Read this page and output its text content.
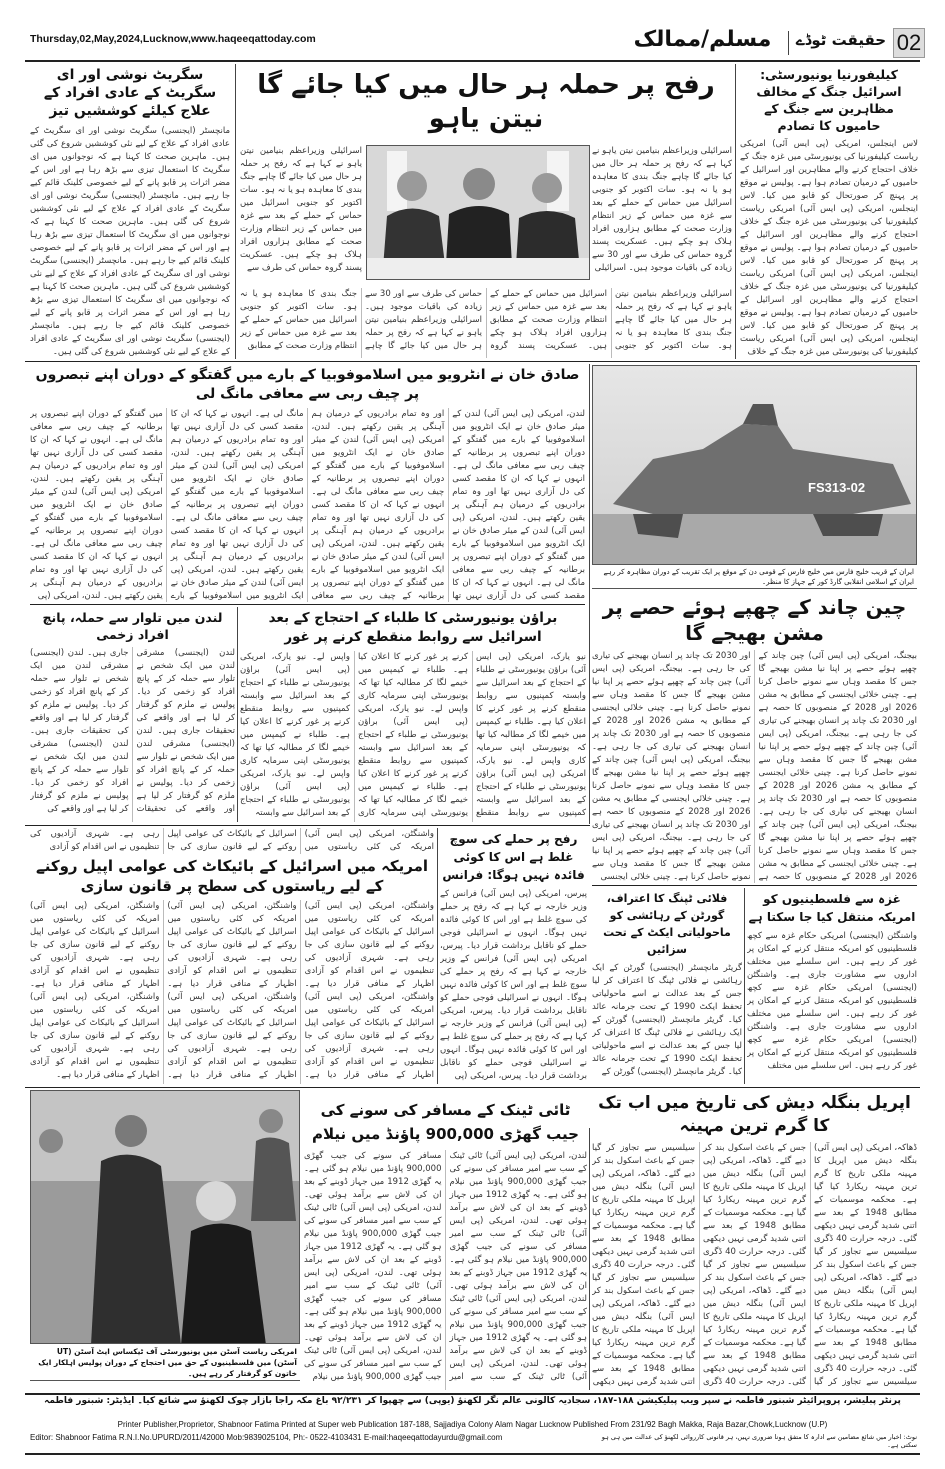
02
حقیقت ٹوڈے
مسلم/ممالک
Thursday,02,May,2024,Lucknow,www.haqeeqattoday.com
سگریٹ نوشی اور ای سگریٹ کے عادی افراد کے علاج کیلئے کوششیں تیز
مانچسٹر (ایجنسی) سگریٹ نوشی اور ای سگریٹ کے عادی افراد کے علاج کے لیے نئی کوششیں شروع کی گئی ہیں۔ ماہرین صحت کا کہنا ہے کہ نوجوانوں میں ای سگریٹ کا استعمال تیزی سے بڑھ رہا ہے اور اس کے مضر اثرات پر قابو پانے کے لیے خصوصی کلینک قائم کیے جا رہے ہیں۔ مانچسٹر (ایجنسی) سگریٹ نوشی اور ای سگریٹ کے عادی افراد کے علاج کے لیے نئی کوششیں شروع کی گئی ہیں۔ ماہرین صحت کا کہنا ہے کہ نوجوانوں میں ای سگریٹ کا استعمال تیزی سے بڑھ رہا ہے اور اس کے مضر اثرات پر قابو پانے کے لیے خصوصی کلینک قائم کیے جا رہے ہیں۔ مانچسٹر (ایجنسی) سگریٹ نوشی اور ای سگریٹ کے عادی افراد کے علاج کے لیے نئی کوششیں شروع کی گئی ہیں۔ ماہرین صحت کا کہنا ہے کہ نوجوانوں میں ای سگریٹ کا استعمال تیزی سے بڑھ رہا ہے اور اس کے مضر اثرات پر قابو پانے کے لیے خصوصی کلینک قائم کیے جا رہے ہیں۔ مانچسٹر (ایجنسی) سگریٹ نوشی اور ای سگریٹ کے عادی افراد کے علاج کے لیے نئی کوششیں شروع کی گئی ہیں۔
رفح پر حملہ ہر حال میں کیا جائے گا نیتن یاہو
اسرائیلی وزیراعظم بنیامین نیتن یاہو نے کہا ہے کہ رفح پر حملہ ہر حال میں کیا جائے گا چاہے جنگ بندی کا معاہدہ ہو یا نہ ہو۔ سات اکتوبر کو جنوبی اسرائیل میں حماس کے حملے کے بعد سے غزہ میں حماس کے زیر انتظام وزارت صحت کے مطابق ہزاروں افراد ہلاک ہو چکے ہیں۔ عسکریت پسند گروہ حماس کی طرف سے
اسرائیلی وزیراعظم بنیامین نیتن یاہو نے کہا ہے کہ رفح پر حملہ ہر حال میں کیا جائے گا چاہے جنگ بندی کا معاہدہ ہو یا نہ ہو۔ سات اکتوبر کو جنوبی اسرائیل میں حماس کے حملے کے بعد سے غزہ میں حماس کے زیر انتظام وزارت صحت کے مطابق ہزاروں افراد ہلاک ہو چکے ہیں۔ عسکریت پسند گروہ حماس کی طرف سے اور 30 سے زیادہ کی باقیات موجود ہیں۔ اسرائیلی
اسرائیلی وزیراعظم بنیامین نیتن یاہو نے کہا ہے کہ رفح پر حملہ ہر حال میں کیا جائے گا چاہے جنگ بندی کا معاہدہ ہو یا نہ ہو۔ سات اکتوبر کو جنوبی اسرائیل میں حماس کے حملے کے بعد سے غزہ میں حماس کے زیر انتظام وزارت صحت کے مطابق ہزاروں افراد ہلاک ہو چکے ہیں۔ عسکریت پسند گروہ حماس کی طرف سے اور 30 سے زیادہ کی باقیات موجود ہیں۔ اسرائیلی وزیراعظم بنیامین نیتن یاہو نے کہا ہے کہ رفح پر حملہ ہر حال میں کیا جائے گا چاہے جنگ بندی کا معاہدہ ہو یا نہ ہو۔ سات اکتوبر کو جنوبی اسرائیل میں حماس کے حملے کے بعد سے غزہ میں حماس کے زیر انتظام وزارت صحت کے مطابق
کیلیفورنیا یونیورسٹی: اسرائیل جنگ کے مخالف مظاہرین سے جنگ کے حامیوں کا تصادم
لاس اینجلس، امریکی (پی ایس آئی) امریکی ریاست کیلیفورنیا کی یونیورسٹی میں غزہ جنگ کے خلاف احتجاج کرنے والے مظاہرین اور اسرائیل کے حامیوں کے درمیان تصادم ہوا ہے۔ پولیس نے موقع پر پہنچ کر صورتحال کو قابو میں کیا۔ لاس اینجلس، امریکی (پی ایس آئی) امریکی ریاست کیلیفورنیا کی یونیورسٹی میں غزہ جنگ کے خلاف احتجاج کرنے والے مظاہرین اور اسرائیل کے حامیوں کے درمیان تصادم ہوا ہے۔ پولیس نے موقع پر پہنچ کر صورتحال کو قابو میں کیا۔ لاس اینجلس، امریکی (پی ایس آئی) امریکی ریاست کیلیفورنیا کی یونیورسٹی میں غزہ جنگ کے خلاف احتجاج کرنے والے مظاہرین اور اسرائیل کے حامیوں کے درمیان تصادم ہوا ہے۔ پولیس نے موقع پر پہنچ کر صورتحال کو قابو میں کیا۔ لاس اینجلس، امریکی (پی ایس آئی) امریکی ریاست کیلیفورنیا کی یونیورسٹی میں غزہ جنگ کے خلاف
صادق خان نے انٹرویو میں اسلاموفوبیا کے بارے میں گفتگو کے دوران اپنے تبصروں پر چیف ربی سے معافی مانگ لی
لندن، امریکی (پی ایس آئی) لندن کے میئر صادق خان نے ایک انٹرویو میں اسلاموفوبیا کے بارے میں گفتگو کے دوران اپنے تبصروں پر برطانیہ کے چیف ربی سے معافی مانگ لی ہے۔ انہوں نے کہا کہ ان کا مقصد کسی کی دل آزاری نہیں تھا اور وہ تمام برادریوں کے درمیان ہم آہنگی پر یقین رکھتے ہیں۔ لندن، امریکی (پی ایس آئی) لندن کے میئر صادق خان نے ایک انٹرویو میں اسلاموفوبیا کے بارے میں گفتگو کے دوران اپنے تبصروں پر برطانیہ کے چیف ربی سے معافی مانگ لی ہے۔ انہوں نے کہا کہ ان کا مقصد کسی کی دل آزاری نہیں تھا اور وہ تمام برادریوں کے درمیان ہم آہنگی پر یقین رکھتے ہیں۔ لندن، امریکی (پی ایس آئی) لندن کے میئر صادق خان نے ایک انٹرویو میں اسلاموفوبیا کے بارے میں گفتگو کے دوران اپنے تبصروں پر برطانیہ کے چیف ربی سے معافی مانگ لی ہے۔ انہوں نے کہا کہ ان کا مقصد کسی کی دل آزاری نہیں تھا اور وہ تمام برادریوں کے درمیان ہم آہنگی پر یقین رکھتے ہیں۔ لندن، امریکی (پی ایس آئی) لندن کے میئر صادق خان نے ایک انٹرویو میں اسلاموفوبیا کے بارے میں گفتگو کے دوران اپنے تبصروں پر برطانیہ کے چیف ربی سے معافی مانگ لی ہے۔ انہوں نے کہا کہ ان کا مقصد کسی کی دل آزاری نہیں تھا اور وہ تمام برادریوں کے درمیان ہم آہنگی پر یقین رکھتے ہیں۔ لندن، امریکی (پی ایس آئی) لندن کے میئر صادق خان نے ایک انٹرویو میں اسلاموفوبیا کے بارے میں گفتگو کے دوران اپنے تبصروں پر برطانیہ کے چیف ربی سے معافی مانگ لی ہے۔ انہوں نے کہا کہ ان کا مقصد کسی کی دل آزاری نہیں تھا اور وہ تمام برادریوں کے درمیان ہم آہنگی پر یقین رکھتے ہیں۔ لندن، امریکی (پی ایس آئی) لندن کے میئر صادق خان نے ایک انٹرویو میں اسلاموفوبیا کے بارے میں گفتگو کے دوران اپنے تبصروں پر برطانیہ کے چیف ربی سے معافی مانگ لی ہے۔ انہوں نے کہا کہ ان کا مقصد کسی کی دل آزاری نہیں تھا اور وہ تمام برادریوں کے درمیان ہم آہنگی پر یقین رکھتے ہیں۔ لندن، امریکی (پی ایس آئی) لندن کے میئر صادق خان نے ایک انٹرویو میں اسلاموفوبیا کے بارے میں گفتگو کے دوران اپنے تبصروں پر برطانیہ کے چیف ربی سے معافی مانگ لی ہے۔ انہوں نے کہا کہ ان کا مقصد کسی کی دل آزاری نہیں تھا اور وہ تمام برادریوں کے درمیان ہم آہنگی پر یقین رکھتے ہیں۔ لندن، امریکی (پی
FS313-02
ایران کے قریب خلیج فارس میں خلیج فارس کے قومی دن کے موقع پر ایک تقریب کے دوران مظاہرہ کر رہے ایران کے اسلامی انقلابی گارڈ کور کے جہاز کا منظر۔
چین چاند کے چھپے ہوئے حصے پر مشن بھیجے گا
بیجنگ، امریکی (پی ایس آئی) چین چاند کے چھپے ہوئے حصے پر اپنا نیا مشن بھیجے گا جس کا مقصد وہاں سے نمونے حاصل کرنا ہے۔ چینی خلائی ایجنسی کے مطابق یہ مشن 2026 اور 2028 کے منصوبوں کا حصہ ہے اور 2030 تک چاند پر انسان بھیجنے کی تیاری کی جا رہی ہے۔ بیجنگ، امریکی (پی ایس آئی) چین چاند کے چھپے ہوئے حصے پر اپنا نیا مشن بھیجے گا جس کا مقصد وہاں سے نمونے حاصل کرنا ہے۔ چینی خلائی ایجنسی کے مطابق یہ مشن 2026 اور 2028 کے منصوبوں کا حصہ ہے اور 2030 تک چاند پر انسان بھیجنے کی تیاری کی جا رہی ہے۔ بیجنگ، امریکی (پی ایس آئی) چین چاند کے چھپے ہوئے حصے پر اپنا نیا مشن بھیجے گا جس کا مقصد وہاں سے نمونے حاصل کرنا ہے۔ چینی خلائی ایجنسی کے مطابق یہ مشن 2026 اور 2028 کے منصوبوں کا حصہ ہے اور 2030 تک چاند پر انسان بھیجنے کی تیاری کی جا رہی ہے۔ بیجنگ، امریکی (پی ایس آئی) چین چاند کے چھپے ہوئے حصے پر اپنا نیا مشن بھیجے گا جس کا مقصد وہاں سے نمونے حاصل کرنا ہے۔ چینی خلائی ایجنسی کے مطابق یہ مشن 2026 اور 2028 کے منصوبوں کا حصہ ہے اور 2030 تک چاند پر انسان بھیجنے کی تیاری کی جا رہی ہے۔ بیجنگ، امریکی (پی ایس آئی) چین چاند کے چھپے ہوئے حصے پر اپنا نیا مشن بھیجے گا جس کا مقصد وہاں سے نمونے حاصل کرنا ہے۔ چینی خلائی ایجنسی کے مطابق یہ مشن 2026 اور 2028 کے منصوبوں کا حصہ ہے اور 2030 تک چاند پر انسان بھیجنے کی تیاری کی جا رہی ہے۔ بیجنگ، امریکی (پی ایس آئی) چین چاند کے چھپے ہوئے حصے پر اپنا نیا مشن بھیجے گا جس کا مقصد وہاں سے نمونے حاصل کرنا ہے۔ چینی خلائی ایجنسی
لندن میں تلوار سے حملہ، پانچ افراد زخمی
لندن (ایجنسی) مشرقی لندن میں ایک شخص نے تلوار سے حملہ کر کے پانچ افراد کو زخمی کر دیا۔ پولیس نے ملزم کو گرفتار کر لیا ہے اور واقعے کی تحقیقات جاری ہیں۔ لندن (ایجنسی) مشرقی لندن میں ایک شخص نے تلوار سے حملہ کر کے پانچ افراد کو زخمی کر دیا۔ پولیس نے ملزم کو گرفتار کر لیا ہے اور واقعے کی تحقیقات جاری ہیں۔ لندن (ایجنسی) مشرقی لندن میں ایک شخص نے تلوار سے حملہ کر کے پانچ افراد کو زخمی کر دیا۔ پولیس نے ملزم کو گرفتار کر لیا ہے اور واقعے کی تحقیقات جاری ہیں۔ لندن (ایجنسی) مشرقی لندن میں ایک شخص نے تلوار سے حملہ کر کے پانچ افراد کو زخمی کر دیا۔ پولیس نے ملزم کو گرفتار کر لیا ہے اور واقعے کی
براؤن یونیورسٹی کا طلباء کے احتجاج کے بعد اسرائیل سے روابط منقطع کرنے پر غور
نیو یارک، امریکی (پی ایس آئی) براؤن یونیورسٹی نے طلباء کے احتجاج کے بعد اسرائیل سے وابستہ کمپنیوں سے روابط منقطع کرنے پر غور کرنے کا اعلان کیا ہے۔ طلباء نے کیمپس میں خیمے لگا کر مطالبہ کیا تھا کہ یونیورسٹی اپنی سرمایہ کاری واپس لے۔ نیو یارک، امریکی (پی ایس آئی) براؤن یونیورسٹی نے طلباء کے احتجاج کے بعد اسرائیل سے وابستہ کمپنیوں سے روابط منقطع کرنے پر غور کرنے کا اعلان کیا ہے۔ طلباء نے کیمپس میں خیمے لگا کر مطالبہ کیا تھا کہ یونیورسٹی اپنی سرمایہ کاری واپس لے۔ نیو یارک، امریکی (پی ایس آئی) براؤن یونیورسٹی نے طلباء کے احتجاج کے بعد اسرائیل سے وابستہ کمپنیوں سے روابط منقطع کرنے پر غور کرنے کا اعلان کیا ہے۔ طلباء نے کیمپس میں خیمے لگا کر مطالبہ کیا تھا کہ یونیورسٹی اپنی سرمایہ کاری واپس لے۔ نیو یارک، امریکی (پی ایس آئی) براؤن یونیورسٹی نے طلباء کے احتجاج کے بعد اسرائیل سے وابستہ کمپنیوں سے روابط منقطع کرنے پر غور کرنے کا اعلان کیا ہے۔ طلباء نے کیمپس میں خیمے لگا کر مطالبہ کیا تھا کہ یونیورسٹی اپنی سرمایہ کاری واپس لے۔ نیو یارک، امریکی (پی ایس آئی) براؤن یونیورسٹی نے طلباء کے احتجاج کے بعد اسرائیل سے وابستہ
رفح پر حملے کی سوچ غلط ہے اس کا کوئی فائدہ نہیں ہوگا: فرانس
پیرس، امریکی (پی ایس آئی) فرانس کے وزیر خارجہ نے کہا ہے کہ رفح پر حملے کی سوچ غلط ہے اور اس کا کوئی فائدہ نہیں ہوگا۔ انہوں نے اسرائیلی فوجی حملے کو ناقابل برداشت قرار دیا۔ پیرس، امریکی (پی ایس آئی) فرانس کے وزیر خارجہ نے کہا ہے کہ رفح پر حملے کی سوچ غلط ہے اور اس کا کوئی فائدہ نہیں ہوگا۔ انہوں نے اسرائیلی فوجی حملے کو ناقابل برداشت قرار دیا۔ پیرس، امریکی (پی ایس آئی) فرانس کے وزیر خارجہ نے کہا ہے کہ رفح پر حملے کی سوچ غلط ہے اور اس کا کوئی فائدہ نہیں ہوگا۔ انہوں نے اسرائیلی فوجی حملے کو ناقابل برداشت قرار دیا۔ پیرس، امریکی (پی
واشنگٹن، امریکی (پی ایس آئی) امریکہ کی کئی ریاستوں میں اسرائیل کے بائیکاٹ کی عوامی اپیل روکنے کے لیے قانون سازی کی جا رہی ہے۔ شہری آزادیوں کی تنظیموں نے اس اقدام کو آزادی
امریکہ میں اسرائیل کے بائیکاٹ کی عوامی اپیل روکنے کے لیے ریاستوں کی سطح پر قانون سازی
واشنگٹن، امریکی (پی ایس آئی) امریکہ کی کئی ریاستوں میں اسرائیل کے بائیکاٹ کی عوامی اپیل روکنے کے لیے قانون سازی کی جا رہی ہے۔ شہری آزادیوں کی تنظیموں نے اس اقدام کو آزادی اظہار کے منافی قرار دیا ہے۔ واشنگٹن، امریکی (پی ایس آئی) امریکہ کی کئی ریاستوں میں اسرائیل کے بائیکاٹ کی عوامی اپیل روکنے کے لیے قانون سازی کی جا رہی ہے۔ شہری آزادیوں کی تنظیموں نے اس اقدام کو آزادی اظہار کے منافی قرار دیا ہے۔ واشنگٹن، امریکی (پی ایس آئی) امریکہ کی کئی ریاستوں میں اسرائیل کے بائیکاٹ کی عوامی اپیل روکنے کے لیے قانون سازی کی جا رہی ہے۔ شہری آزادیوں کی تنظیموں نے اس اقدام کو آزادی اظہار کے منافی قرار دیا ہے۔ واشنگٹن، امریکی (پی ایس آئی) امریکہ کی کئی ریاستوں میں اسرائیل کے بائیکاٹ کی عوامی اپیل روکنے کے لیے قانون سازی کی جا رہی ہے۔ شہری آزادیوں کی تنظیموں نے اس اقدام کو آزادی اظہار کے منافی قرار دیا ہے۔ واشنگٹن، امریکی (پی ایس آئی) امریکہ کی کئی ریاستوں میں اسرائیل کے بائیکاٹ کی عوامی اپیل روکنے کے لیے قانون سازی کی جا رہی ہے۔ شہری آزادیوں کی تنظیموں نے اس اقدام کو آزادی اظہار کے منافی قرار دیا ہے۔ واشنگٹن، امریکی (پی ایس آئی) امریکہ کی کئی ریاستوں میں اسرائیل کے بائیکاٹ کی عوامی اپیل روکنے کے لیے قانون سازی کی جا رہی ہے۔ شہری آزادیوں کی تنظیموں نے اس اقدام کو آزادی اظہار کے منافی قرار دیا ہے۔
فلائی ٹپنگ کا اعتراف، گورٹن کے رہائشی کو ماحولیاتی ایکٹ کے تحت سزائیں
گریٹر مانچسٹر (ایجنسی) گورٹن کے ایک رہائشی نے فلائی ٹپنگ کا اعتراف کر لیا جس کے بعد عدالت نے اسے ماحولیاتی تحفظ ایکٹ 1990 کے تحت جرمانہ عائد کیا۔ گریٹر مانچسٹر (ایجنسی) گورٹن کے ایک رہائشی نے فلائی ٹپنگ کا اعتراف کر لیا جس کے بعد عدالت نے اسے ماحولیاتی تحفظ ایکٹ 1990 کے تحت جرمانہ عائد کیا۔ گریٹر مانچسٹر (ایجنسی) گورٹن کے
غزہ سے فلسطینیوں کو امریکہ منتقل کیا جا سکتا ہے
واشنگٹن (ایجنسی) امریکی حکام غزہ سے کچھ فلسطینیوں کو امریکہ منتقل کرنے کے امکان پر غور کر رہے ہیں۔ اس سلسلے میں مختلف اداروں سے مشاورت جاری ہے۔ واشنگٹن (ایجنسی) امریکی حکام غزہ سے کچھ فلسطینیوں کو امریکہ منتقل کرنے کے امکان پر غور کر رہے ہیں۔ اس سلسلے میں مختلف اداروں سے مشاورت جاری ہے۔ واشنگٹن (ایجنسی) امریکی حکام غزہ سے کچھ فلسطینیوں کو امریکہ منتقل کرنے کے امکان پر غور کر رہے ہیں۔ اس سلسلے میں مختلف
امریکی ریاست آسٹن میں یونیورسٹی آف ٹیکساس ایٹ آسٹن (UT آسٹن) میں فلسطینیوں کے حق میں احتجاج کے دوران پولیس اہلکار ایک خاتون کو گرفتار کر رہے ہیں۔
ٹائی ٹینک کے مسافر کی سونے کی جیب گھڑی 900,000 پاؤنڈ میں نیلام
لندن، امریکی (پی ایس آئی) ٹائی ٹینک کے سب سے امیر مسافر کی سونے کی جیب گھڑی 900,000 پاؤنڈ میں نیلام ہو گئی ہے۔ یہ گھڑی 1912 میں جہاز ڈوبنے کے بعد ان کی لاش سے برآمد ہوئی تھی۔ لندن، امریکی (پی ایس آئی) ٹائی ٹینک کے سب سے امیر مسافر کی سونے کی جیب گھڑی 900,000 پاؤنڈ میں نیلام ہو گئی ہے۔ یہ گھڑی 1912 میں جہاز ڈوبنے کے بعد ان کی لاش سے برآمد ہوئی تھی۔ لندن، امریکی (پی ایس آئی) ٹائی ٹینک کے سب سے امیر مسافر کی سونے کی جیب گھڑی 900,000 پاؤنڈ میں نیلام ہو گئی ہے۔ یہ گھڑی 1912 میں جہاز ڈوبنے کے بعد ان کی لاش سے برآمد ہوئی تھی۔ لندن، امریکی (پی ایس آئی) ٹائی ٹینک کے سب سے امیر مسافر کی سونے کی جیب گھڑی 900,000 پاؤنڈ میں نیلام ہو گئی ہے۔ یہ گھڑی 1912 میں جہاز ڈوبنے کے بعد ان کی لاش سے برآمد ہوئی تھی۔ لندن، امریکی (پی ایس آئی) ٹائی ٹینک کے سب سے امیر مسافر کی سونے کی جیب گھڑی 900,000 پاؤنڈ میں نیلام ہو گئی ہے۔ یہ گھڑی 1912 میں جہاز ڈوبنے کے بعد ان کی لاش سے برآمد ہوئی تھی۔ لندن، امریکی (پی ایس آئی) ٹائی ٹینک کے سب سے امیر مسافر کی سونے کی جیب گھڑی 900,000 پاؤنڈ میں نیلام ہو گئی ہے۔ یہ گھڑی 1912 میں جہاز ڈوبنے کے بعد ان کی لاش سے برآمد ہوئی تھی۔ لندن، امریکی (پی ایس آئی) ٹائی ٹینک کے سب سے امیر مسافر کی سونے کی جیب گھڑی 900,000 پاؤنڈ میں نیلام
اپریل بنگلہ دیش کی تاریخ میں اب تک کا گرم ترین مہینہ
ڈھاکہ، امریکی (پی ایس آئی) بنگلہ دیش میں اپریل کا مہینہ ملکی تاریخ کا گرم ترین مہینہ ریکارڈ کیا گیا ہے۔ محکمہ موسمیات کے مطابق 1948 کے بعد سے اتنی شدید گرمی نہیں دیکھی گئی۔ درجہ حرارت 40 ڈگری سیلسیس سے تجاوز کر گیا جس کے باعث اسکول بند کر دیے گئے۔ ڈھاکہ، امریکی (پی ایس آئی) بنگلہ دیش میں اپریل کا مہینہ ملکی تاریخ کا گرم ترین مہینہ ریکارڈ کیا گیا ہے۔ محکمہ موسمیات کے مطابق 1948 کے بعد سے اتنی شدید گرمی نہیں دیکھی گئی۔ درجہ حرارت 40 ڈگری سیلسیس سے تجاوز کر گیا جس کے باعث اسکول بند کر دیے گئے۔ ڈھاکہ، امریکی (پی ایس آئی) بنگلہ دیش میں اپریل کا مہینہ ملکی تاریخ کا گرم ترین مہینہ ریکارڈ کیا گیا ہے۔ محکمہ موسمیات کے مطابق 1948 کے بعد سے اتنی شدید گرمی نہیں دیکھی گئی۔ درجہ حرارت 40 ڈگری سیلسیس سے تجاوز کر گیا جس کے باعث اسکول بند کر دیے گئے۔ ڈھاکہ، امریکی (پی ایس آئی) بنگلہ دیش میں اپریل کا مہینہ ملکی تاریخ کا گرم ترین مہینہ ریکارڈ کیا گیا ہے۔ محکمہ موسمیات کے مطابق 1948 کے بعد سے اتنی شدید گرمی نہیں دیکھی گئی۔ درجہ حرارت 40 ڈگری سیلسیس سے تجاوز کر گیا جس کے باعث اسکول بند کر دیے گئے۔ ڈھاکہ، امریکی (پی ایس آئی) بنگلہ دیش میں اپریل کا مہینہ ملکی تاریخ کا گرم ترین مہینہ ریکارڈ کیا گیا ہے۔ محکمہ موسمیات کے مطابق 1948 کے بعد سے اتنی شدید گرمی نہیں دیکھی گئی۔ درجہ حرارت 40 ڈگری سیلسیس سے تجاوز کر گیا جس کے باعث اسکول بند کر دیے گئے۔ ڈھاکہ، امریکی (پی ایس آئی) بنگلہ دیش میں اپریل کا مہینہ ملکی تاریخ کا گرم ترین مہینہ ریکارڈ کیا گیا ہے۔ محکمہ موسمیات کے مطابق 1948 کے بعد سے اتنی شدید گرمی نہیں دیکھی
پرنٹر پبلیشر، پروپرائیٹر شبنور فاطمہ نے سپر ویب پبلیکیشن ۱۸۸-۱۸۷، سجادیہ کالونی عالم نگر لکھنؤ (یوپی) سے چھپوا کر ۹۲/۲۳۱ باغ مکہ راجا بازار چوک لکھنؤ سے شائع کیا۔ ایڈیٹر: شبنور فاطمہ
Printer Publisher,Proprietor, Shabnoor Fatima Printed at Super web Publication 187-188, Sajjadiya Colony Alam Nagar Lucknow Published From 231/92 Bagh Makka, Raja Bazar,Chowk,Lucknow (U.P)
Editor: Shabnoor Fatima R.N.I.No.UPURD/2011/42000 Mob:9839025104, Ph:- 0522-4103431 E-mail:haqeeqattodayurdu@gmail.com	نوٹ: اخبار میں شائع مضامین سے ادارہ کا متفق ہونا ضروری نہیں، ہر قانونی کارروائی لکھنؤ کی عدالت میں ہی ہو سکتی ہے۔
